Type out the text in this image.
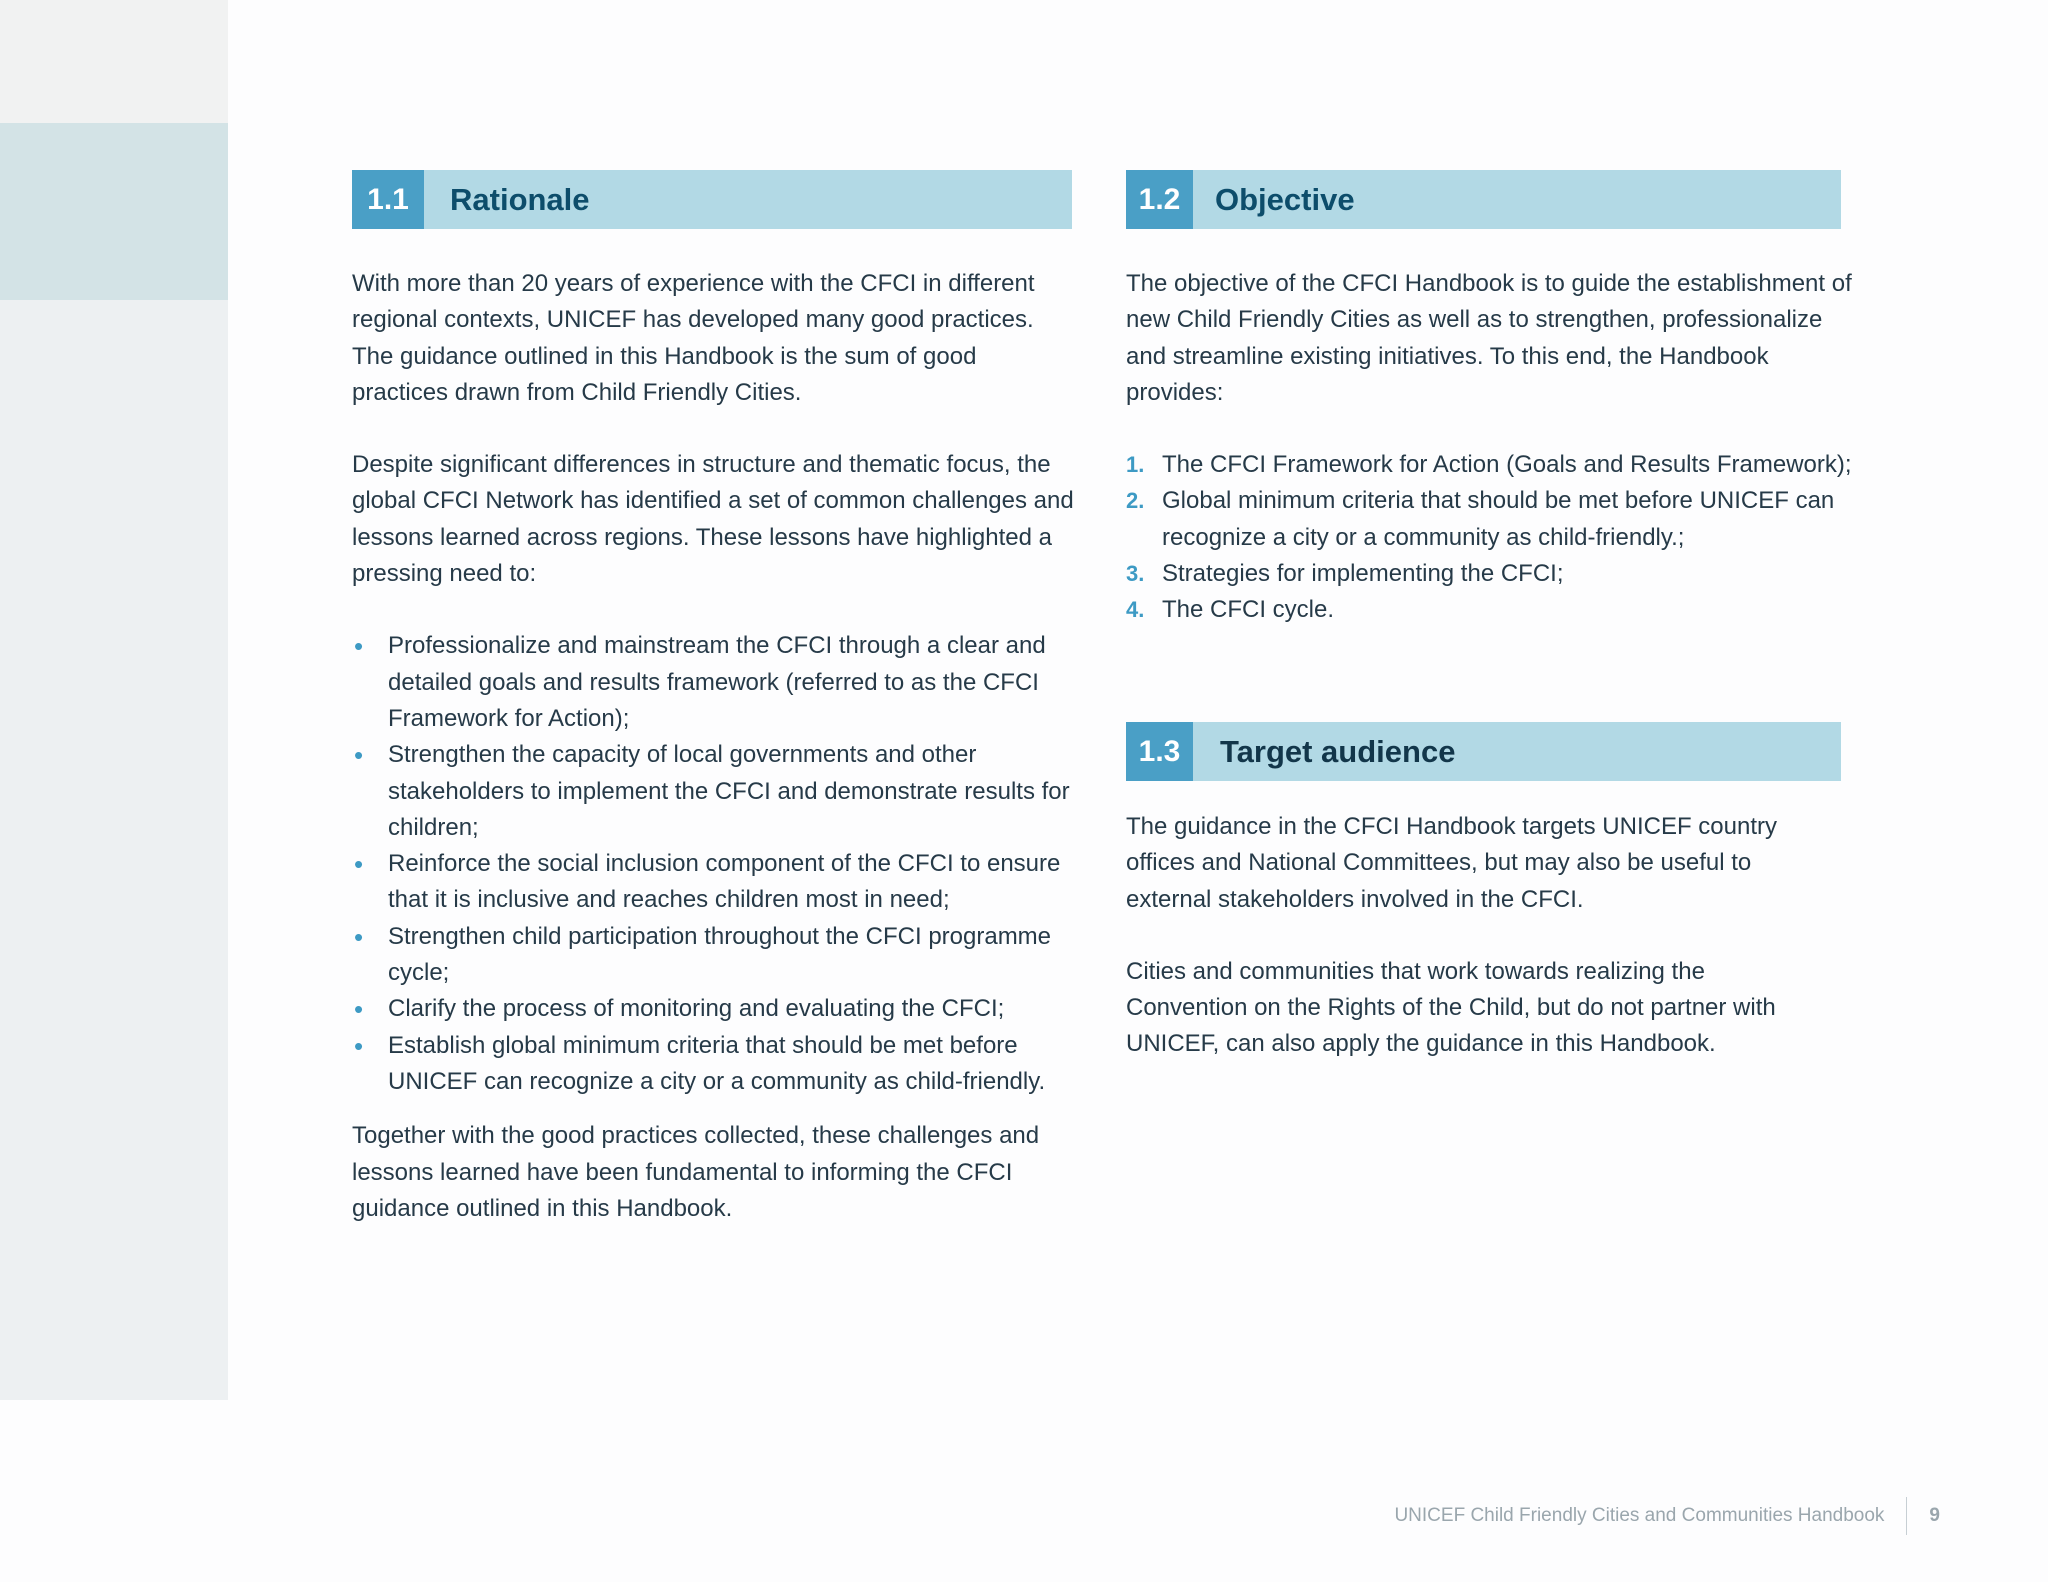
1.1	Rationale

With more than 20 years of experience with the CFCI in different regional contexts, UNICEF has developed many good practices. The guidance outlined in this Handbook is the sum of good practices drawn from Child Friendly Cities.

Despite significant differences in structure and thematic focus, the global CFCI Network has identified a set of common challenges and lessons learned across regions. These lessons have highlighted a pressing need to:

• Professionalize and mainstream the CFCI through a clear and detailed goals and results framework (referred to as the CFCI Framework for Action);
• Strengthen the capacity of local governments and other stakeholders to implement the CFCI and demonstrate results for children;
• Reinforce the social inclusion component of the CFCI to ensure that it is inclusive and reaches children most in need;
• Strengthen child participation throughout the CFCI programme cycle;
• Clarify the process of monitoring and evaluating the CFCI;
• Establish global minimum criteria that should be met before UNICEF can recognize a city or a community as child-friendly.

Together with the good practices collected, these challenges and lessons learned have been fundamental to informing the CFCI guidance outlined in this Handbook.

1.2	Objective

The objective of the CFCI Handbook is to guide the establishment of new Child Friendly Cities as well as to strengthen, professionalize and streamline existing initiatives. To this end, the Handbook provides:

1. The CFCI Framework for Action (Goals and Results Framework);
2. Global minimum criteria that should be met before UNICEF can recognize a city or a community as child-friendly.;
3. Strategies for implementing the CFCI;
4. The CFCI cycle.
1.3	Target audience

The guidance in the CFCI Handbook targets UNICEF country offices and National Committees, but may also be useful to external stakeholders involved in the CFCI.

Cities and communities that work towards realizing the Convention on the Rights of the Child, but do not partner with UNICEF, can also apply the guidance in this Handbook.

UNICEF Child Friendly Cities and Communities Handbook 9
